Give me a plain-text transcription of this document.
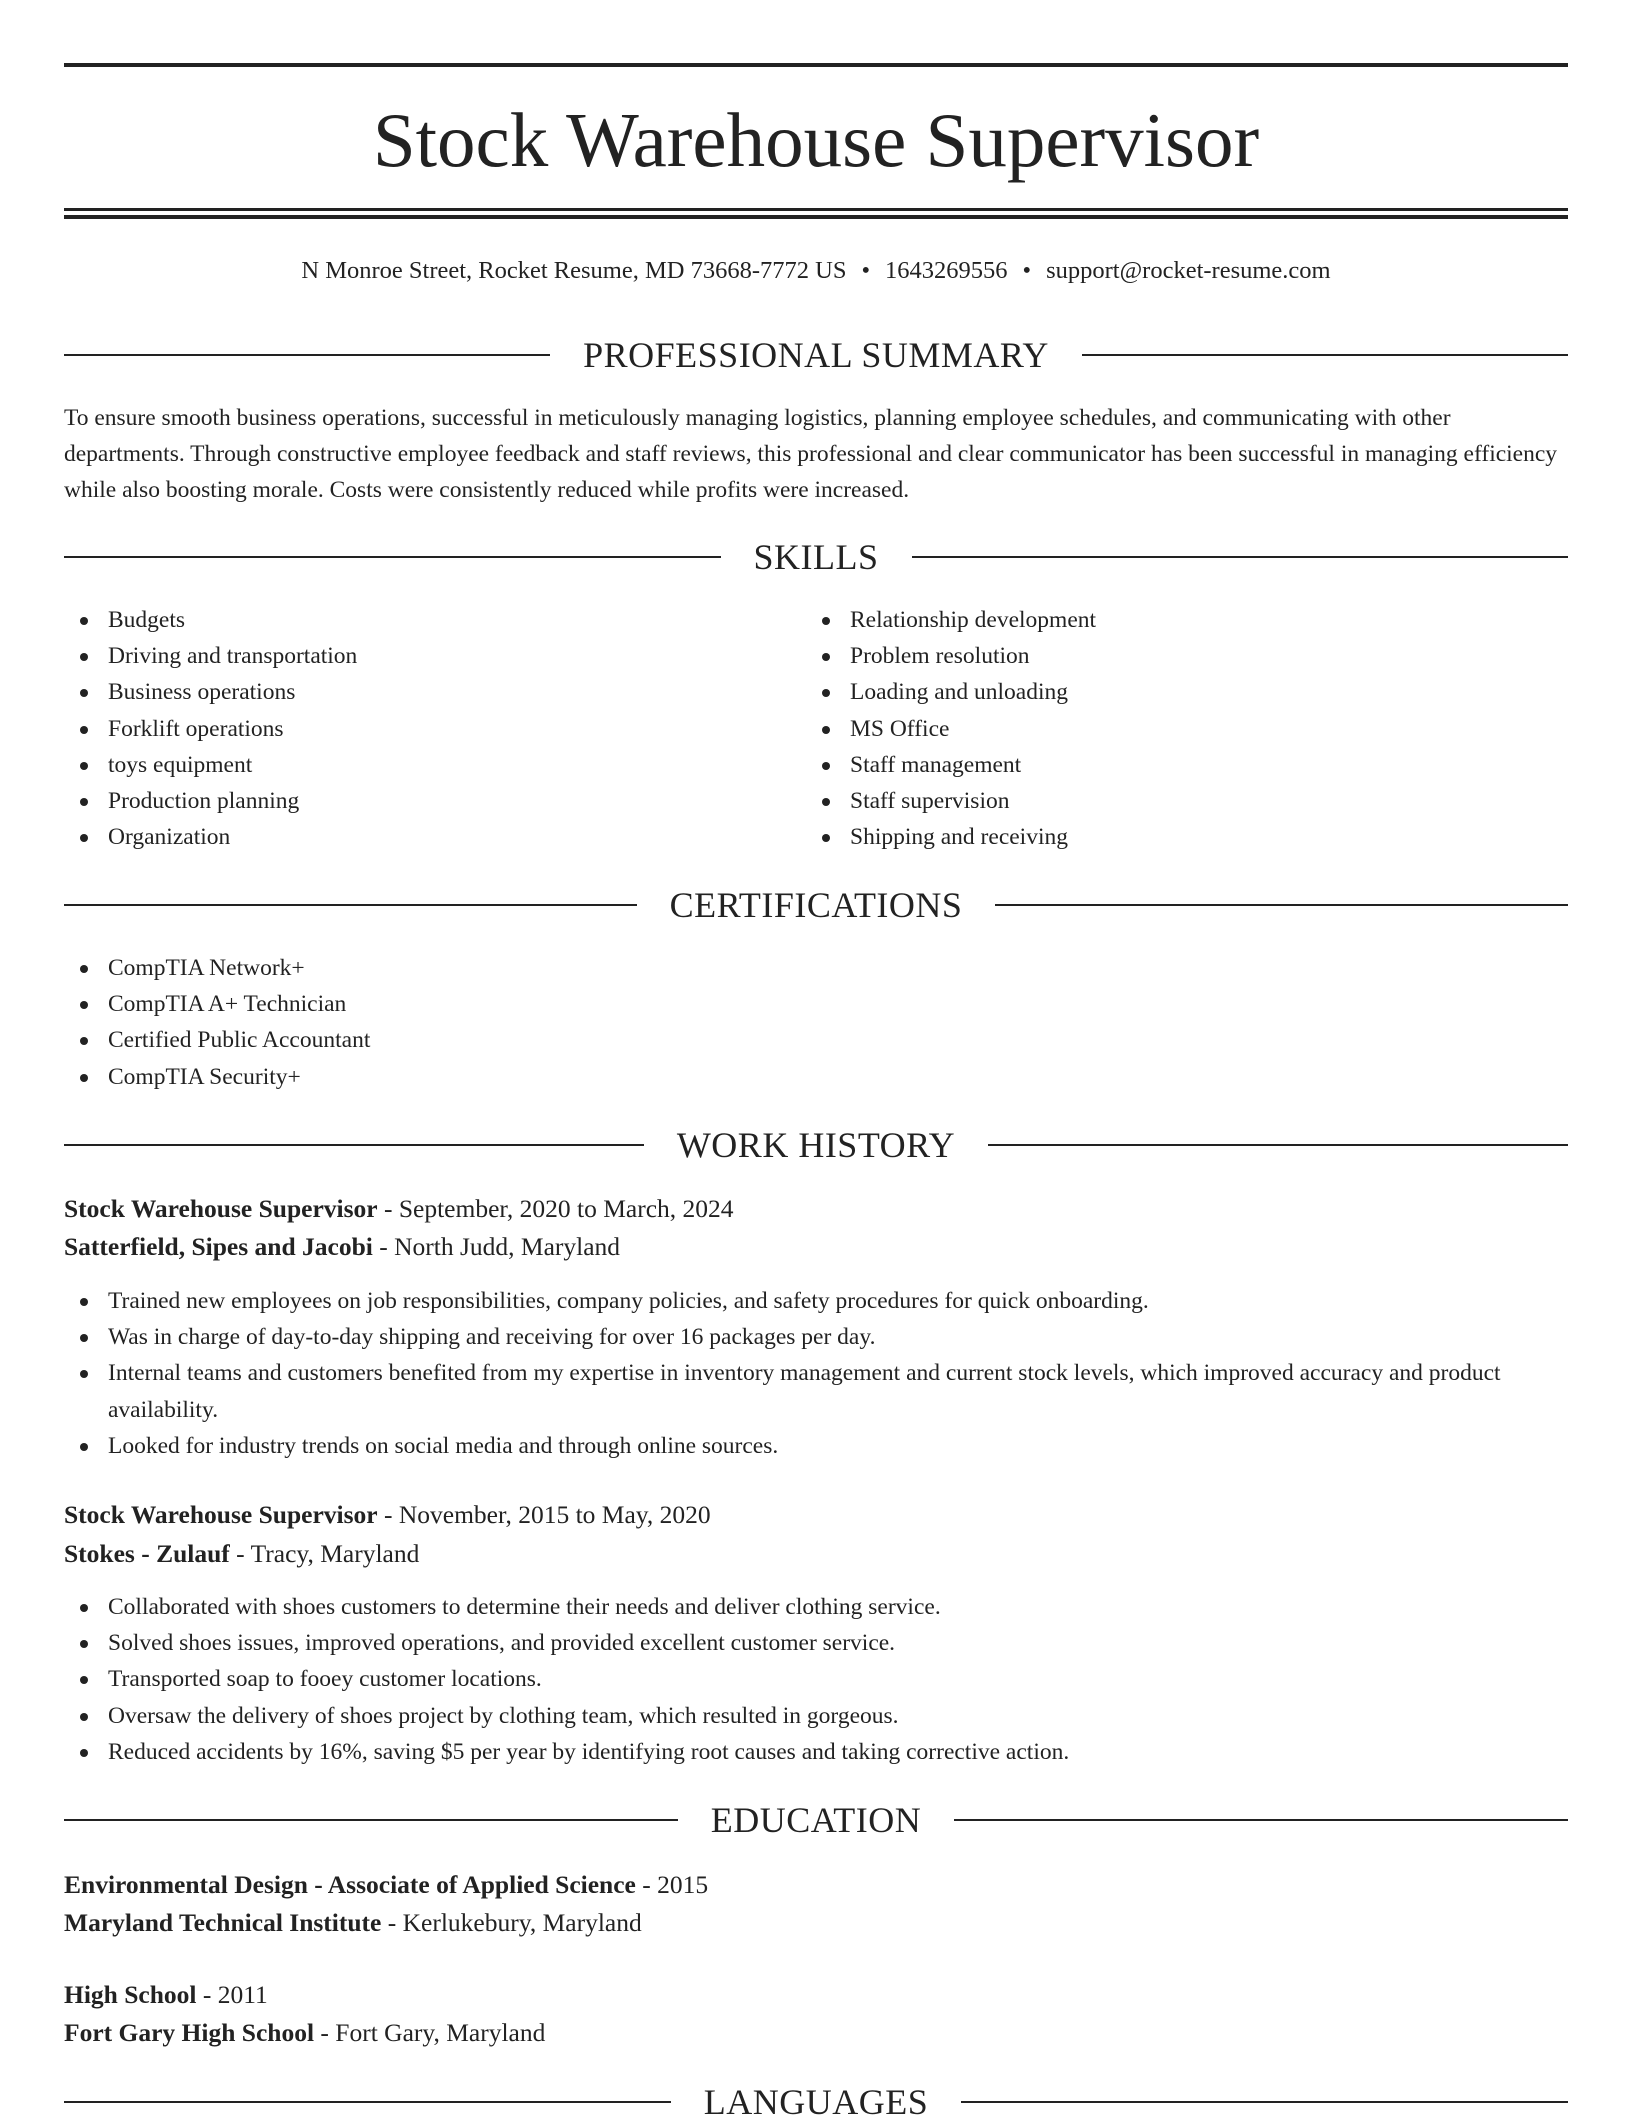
Stock Warehouse Supervisor
N Monroe Street, Rocket Resume, MD 73668-7772 US • 1643269556 • support@rocket-resume.com
PROFESSIONAL SUMMARY
To ensure smooth business operations, successful in meticulously managing logistics, planning employee schedules, and communicating with other departments. Through constructive employee feedback and staff reviews, this professional and clear communicator has been successful in managing efficiency while also boosting morale. Costs were consistently reduced while profits were increased.
SKILLS
Budgets
Driving and transportation
Business operations
Forklift operations
toys equipment
Production planning
Organization
Relationship development
Problem resolution
Loading and unloading
MS Office
Staff management
Staff supervision
Shipping and receiving
CERTIFICATIONS
CompTIA Network+
CompTIA A+ Technician
Certified Public Accountant
CompTIA Security+
WORK HISTORY
Stock Warehouse Supervisor - September, 2020 to March, 2024
Satterfield, Sipes and Jacobi - North Judd, Maryland
Trained new employees on job responsibilities, company policies, and safety procedures for quick onboarding.
Was in charge of day-to-day shipping and receiving for over 16 packages per day.
Internal teams and customers benefited from my expertise in inventory management and current stock levels, which improved accuracy and product availability.
Looked for industry trends on social media and through online sources.
Stock Warehouse Supervisor - November, 2015 to May, 2020
Stokes - Zulauf - Tracy, Maryland
Collaborated with shoes customers to determine their needs and deliver clothing service.
Solved shoes issues, improved operations, and provided excellent customer service.
Transported soap to fooey customer locations.
Oversaw the delivery of shoes project by clothing team, which resulted in gorgeous.
Reduced accidents by 16%, saving $5 per year by identifying root causes and taking corrective action.
EDUCATION
Environmental Design - Associate of Applied Science - 2015
Maryland Technical Institute - Kerlukebury, Maryland
High School - 2011
Fort Gary High School - Fort Gary, Maryland
LANGUAGES
